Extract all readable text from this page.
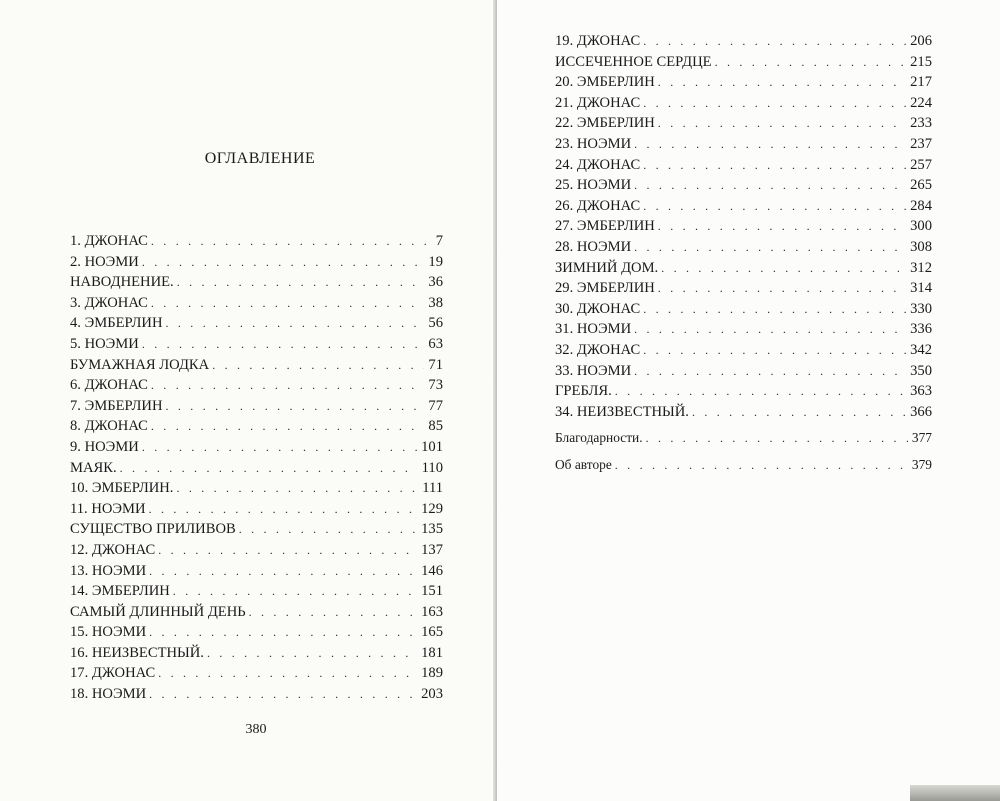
ОГЛАВЛЕНИЕ
1. ДЖОНАС . . .	7
2. НОЭМИ . . .	19
НАВОДНЕНИЕ. . . .	36
3. ДЖОНАС . . .	38
4. ЭМБЕРЛИН . . .	56
5. НОЭМИ . . .	63
БУМАЖНАЯ ЛОДКА . . .	71
6. ДЖОНАС . . .	73
7. ЭМБЕРЛИН . . .	77
8. ДЖОНАС . . .	85
9. НОЭМИ . . .	101
МАЯК. . . .	110
10. ЭМБЕРЛИН. . . .	111
11. НОЭМИ . . .	129
СУЩЕСТВО ПРИЛИВОВ . . .	135
12. ДЖОНАС . . .	137
13. НОЭМИ . . .	146
14. ЭМБЕРЛИН . . .	151
САМЫЙ ДЛИННЫЙ ДЕНЬ . . .	163
15. НОЭМИ . . .	165
16. НЕИЗВЕСТНЫЙ. . . .	181
17. ДЖОНАС . . .	189
18. НОЭМИ . . .	203
380
19. ДЖОНАС . . .	206
ИССЕЧЕННОЕ СЕРДЦЕ . . .	215
20. ЭМБЕРЛИН . . .	217
21. ДЖОНАС . . .	224
22. ЭМБЕРЛИН . . .	233
23. НОЭМИ . . .	237
24. ДЖОНАС . . .	257
25. НОЭМИ . . .	265
26. ДЖОНАС . . .	284
27. ЭМБЕРЛИН . . .	300
28. НОЭМИ . . .	308
ЗИМНИЙ ДОМ. . . .	312
29. ЭМБЕРЛИН . . .	314
30. ДЖОНАС . . .	330
31. НОЭМИ . . .	336
32. ДЖОНАС . . .	342
33. НОЭМИ . . .	350
ГРЕБЛЯ. . . .	363
34. НЕИЗВЕСТНЫЙ. . . .	366
Благодарности. . . .	377
Об авторе . . .	379
